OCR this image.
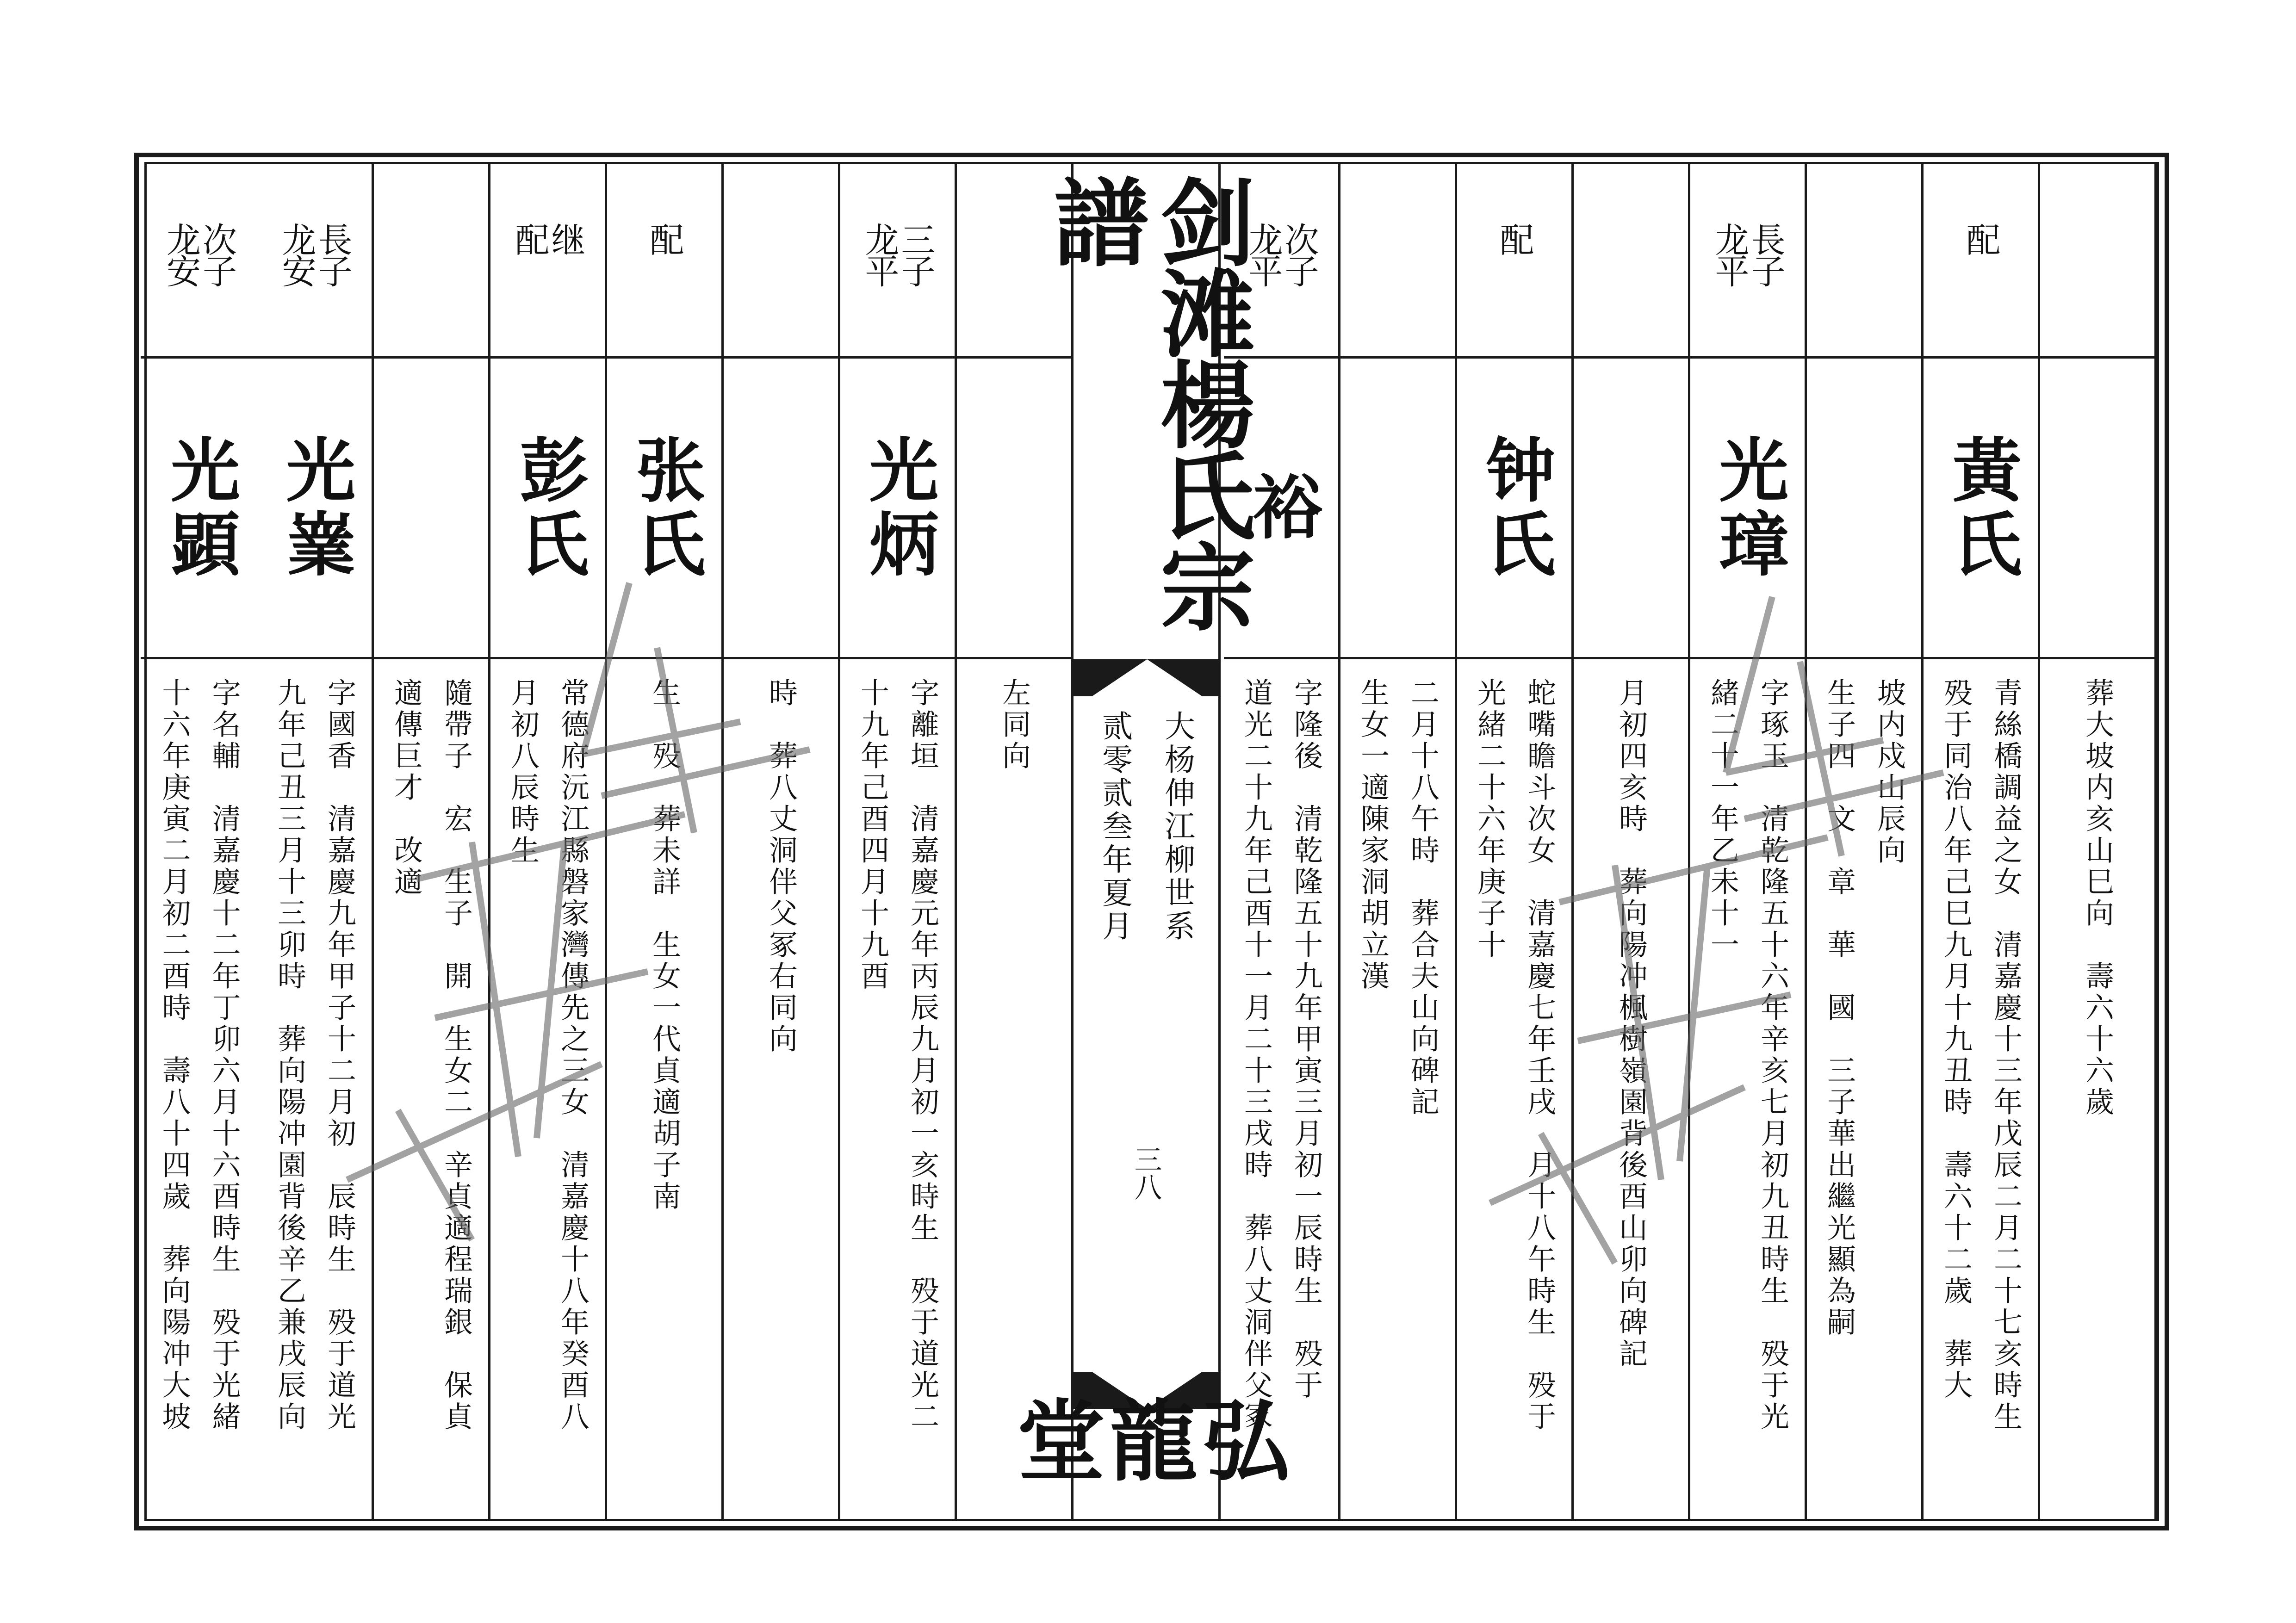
葬大坡内亥山巳向　壽六十六歲
配
黃氏
青絲橋調益之女　清嘉慶十三年戊辰二月二十七亥時生
殁于同治八年己巳九月十九丑時　壽六十二歲　葬大
坡内戍山辰向
生子四　文　章　華　國　三子華出繼光顯為嗣
長子
龙平
光璋
字琢玉　清乾隆五十六年辛亥七月初九丑時生　殁于光
緒二十一年乙未十一
月初四亥時　葬向陽冲楓樹嶺園背後酉山卯向碑記
配
钟氏
蛇嘴瞻斗次女　清嘉慶七年壬戌　月十八午時生　殁于
光緒二十六年庚子十
二月十八午時　葬合夫山向碑記
生女一適陳家洞胡立漢
次子
龙平
裕
字隆後　清乾隆五十九年甲寅三月初一辰時生　殁于
道光二十九年己酉十一月二十三戌時　葬八丈洞伴父冢
左同向
三子
龙平
光炳
字離垣　清嘉慶元年丙辰九月初一亥時生　殁于道光二
十九年己酉四月十九酉
時　葬八丈洞伴父冢右同向
配
张氏
生　殁　葬未詳　生女一代貞適胡子南
继
配
彭氏
常德府沅江縣磐家灣傳先之三女　清嘉慶十八年癸酉八
月初八辰時生
隨帶子　宏　生子　開　生女二　辛貞適程瑞銀　保貞
適傳巨才　改適
長子
龙安
光嶪
字國香　清嘉慶九年甲子十二月初　辰時生　殁于道光
九年己丑三月十三卯時　葬向陽冲園背後辛乙兼戌辰向
次子
龙安
光顕
字名輔　清嘉慶十二年丁卯六月十六酉時生　殁于光緒
十六年庚寅二月初二酉時　壽八十四歲　葬向陽冲大坡
剑滩楊氏宗譜
大杨伸江柳世系
贰零贰叁年夏月
三八
弘龍堂
